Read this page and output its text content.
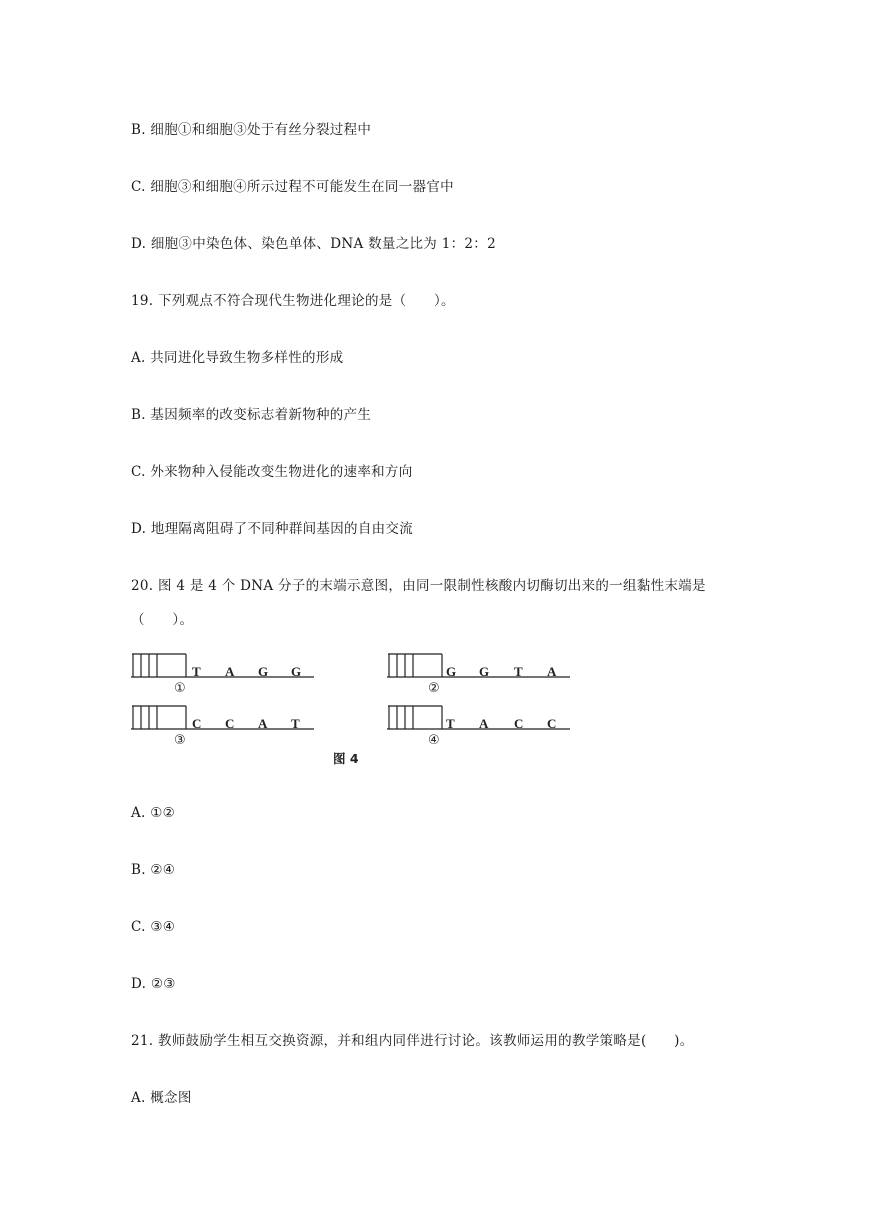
B. 细胞①和细胞③处于有丝分裂过程中
C. 细胞③和细胞④所示过程不可能发生在同一器官中
D. 细胞③中染色体、染色单体、DNA 数量之比为 1：2：2
19. 下列观点不符合现代生物进化理论的是（　　）。
A. 共同进化导致生物多样性的形成
B. 基因频率的改变标志着新物种的产生
C. 外来物种入侵能改变生物进化的速率和方向
D. 地理隔离阻碍了不同种群间基因的自由交流
20. 图 4 是 4 个 DNA 分子的末端示意图，由同一限制性核酸内切酶切出来的一组黏性末端是
（　　）。
T A G G
①
G G T A
②
C C A T
③
T A C C
④
图 4
A. ①②
B. ②④
C. ③④
D. ②③
21. 教师鼓励学生相互交换资源，并和组内同伴进行讨论。该教师运用的教学策略是(　　)。
A. 概念图
